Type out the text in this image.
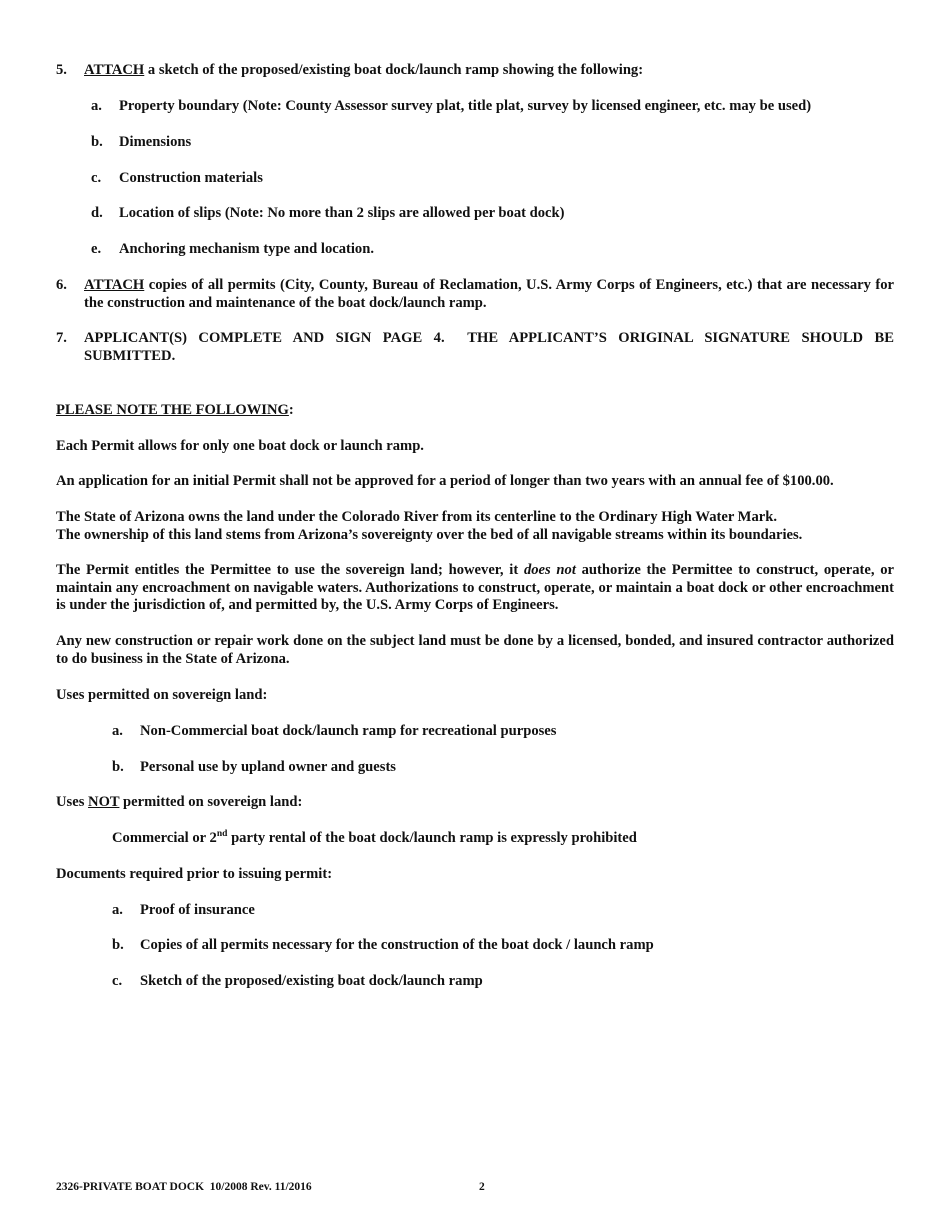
5.	ATTACH a sketch of the proposed/existing boat dock/launch ramp showing the following:
a.	Property boundary (Note: County Assessor survey plat, title plat, survey by licensed engineer, etc. may be used)
b.	Dimensions
c.	Construction materials
d.	Location of slips (Note: No more than 2 slips are allowed per boat dock)
e.	Anchoring mechanism type and location.
6.	ATTACH copies of all permits (City, County, Bureau of Reclamation, U.S. Army Corps of Engineers, etc.) that are necessary for the construction and maintenance of the boat dock/launch ramp.
7.	APPLICANT(S) COMPLETE AND SIGN PAGE 4.  THE APPLICANT’S ORIGINAL SIGNATURE SHOULD BE SUBMITTED.
PLEASE NOTE THE FOLLOWING:
Each Permit allows for only one boat dock or launch ramp.
An application for an initial Permit shall not be approved for a period of longer than two years with an annual fee of $100.00.
The State of Arizona owns the land under the Colorado River from its centerline to the Ordinary High Water Mark.
The ownership of this land stems from Arizona’s sovereignty over the bed of all navigable streams within its boundaries.
The Permit entitles the Permittee to use the sovereign land; however, it does not authorize the Permittee to construct, operate, or maintain any encroachment on navigable waters. Authorizations to construct, operate, or maintain a boat dock or other encroachment is under the jurisdiction of, and permitted by, the U.S. Army Corps of Engineers.
Any new construction or repair work done on the subject land must be done by a licensed, bonded, and insured contractor authorized to do business in the State of Arizona.
Uses permitted on sovereign land:
a.	Non-Commercial boat dock/launch ramp for recreational purposes
b.	Personal use by upland owner and guests
Uses NOT permitted on sovereign land:
Commercial or 2nd party rental of the boat dock/launch ramp is expressly prohibited
Documents required prior to issuing permit:
a.	Proof of insurance
b.	Copies of all permits necessary for the construction of the boat dock / launch ramp
c.	Sketch of the proposed/existing boat dock/launch ramp
2326-PRIVATE BOAT DOCK  10/2008 Rev. 11/2016	2
